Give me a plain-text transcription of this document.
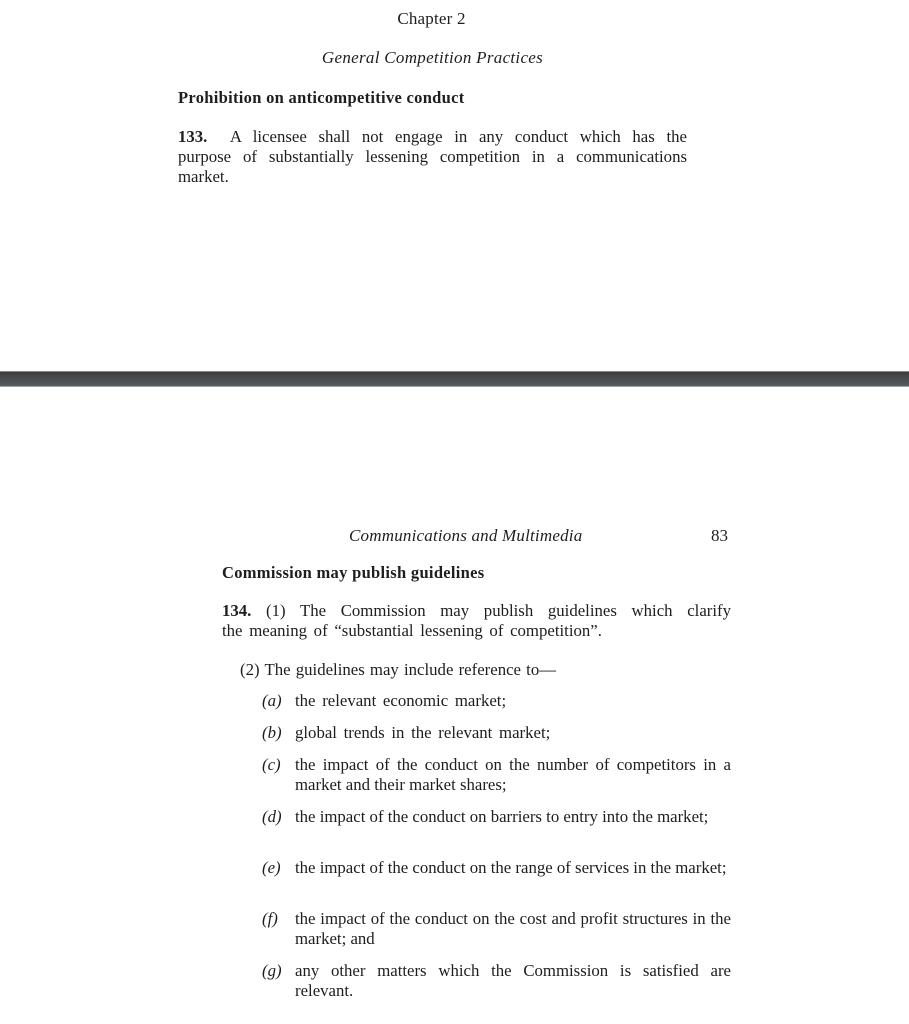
Chapter 2
General Competition Practices
Prohibition on anticompetitive conduct
133. A licensee shall not engage in any conduct which has the
purpose of substantially lessening competition in a communications market.
Communications and Multimedia	83
Commission may publish guidelines
134. (1) The Commission may publish guidelines which clarify
the meaning of “substantial lessening of competition”.
(2) The guidelines may include reference to—
(a) the relevant economic market;
(b) global trends in the relevant market;
(c) the impact of the conduct on the number of competitors in a market and their market shares;
(d) the impact of the conduct on barriers to entry into the market;
(e) the impact of the conduct on the range of services in the market;
(f) the impact of the conduct on the cost and profit structures in the market; and
(g) any other matters which the Commission is satisfied are relevant.
